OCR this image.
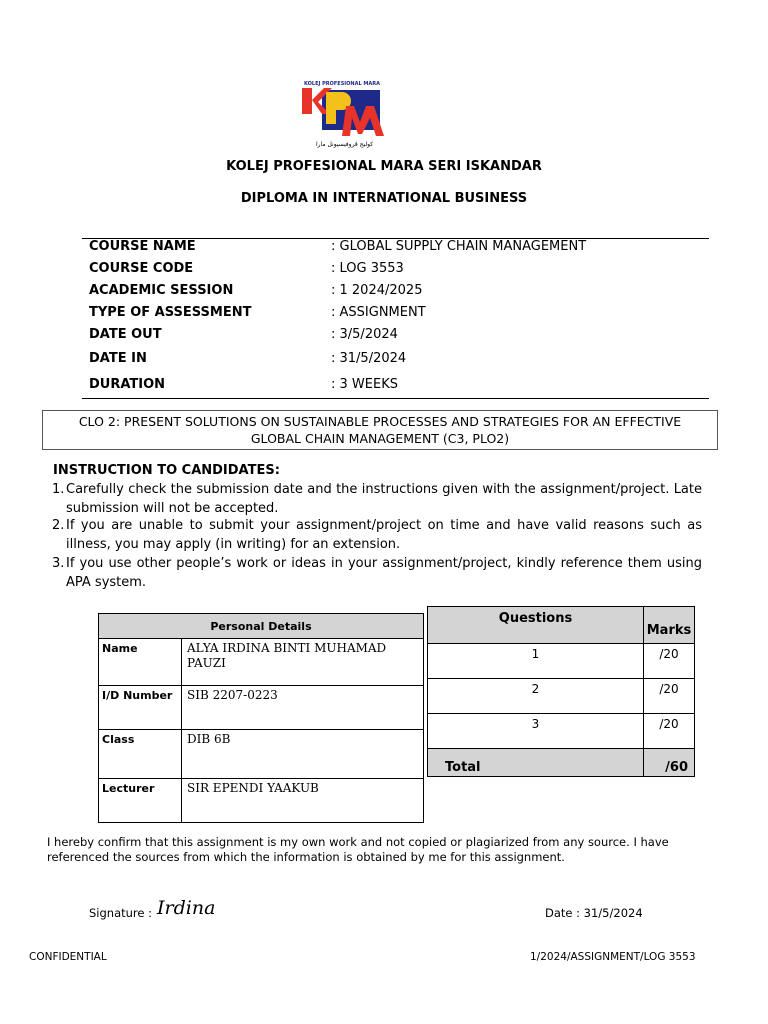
KOLEJ PROFESIONAL MARA
كوليج ڤروفيسيونل مارا
KOLEJ PROFESIONAL MARA SERI ISKANDAR
DIPLOMA IN INTERNATIONAL BUSINESS
COURSE NAME	: GLOBAL SUPPLY CHAIN MANAGEMENT
COURSE CODE	: LOG 3553
ACADEMIC SESSION	: 1 2024/2025
TYPE OF ASSESSMENT	: ASSIGNMENT
DATE OUT	: 3/5/2024
DATE IN	: 31/5/2024
DURATION	: 3 WEEKS
CLO 2: PRESENT SOLUTIONS ON SUSTAINABLE PROCESSES AND STRATEGIES FOR AN EFFECTIVE
GLOBAL CHAIN MANAGEMENT (C3, PLO2)
INSTRUCTION TO CANDIDATES:
1. Carefully check the submission date and the instructions given with the assignment/project. Late submission will not be accepted.
2. If you are unable to submit your assignment/project on time and have valid reasons such as illness, you may apply (in writing) for an extension.
3. If you use other people’s work or ideas in your assignment/project, kindly reference them using APA system.
Personal Details	
Name	ALYA IRDINA BINTI MUHAMAD PAUZI
I/D Number	SIB 2207-0223
Class	DIB 6B
Lecturer	SIR EPENDI YAAKUB
Questions	Marks
1	/20
2	/20
3	/20
Total	/60
I hereby confirm that this assignment is my own work and not copied or plagiarized from any source. I have referenced the sources from which the information is obtained by me for this assignment.
Signature : Irdina	Date : 31/5/2024
CONFIDENTIAL	1/2024/ASSIGNMENT/LOG 3553
